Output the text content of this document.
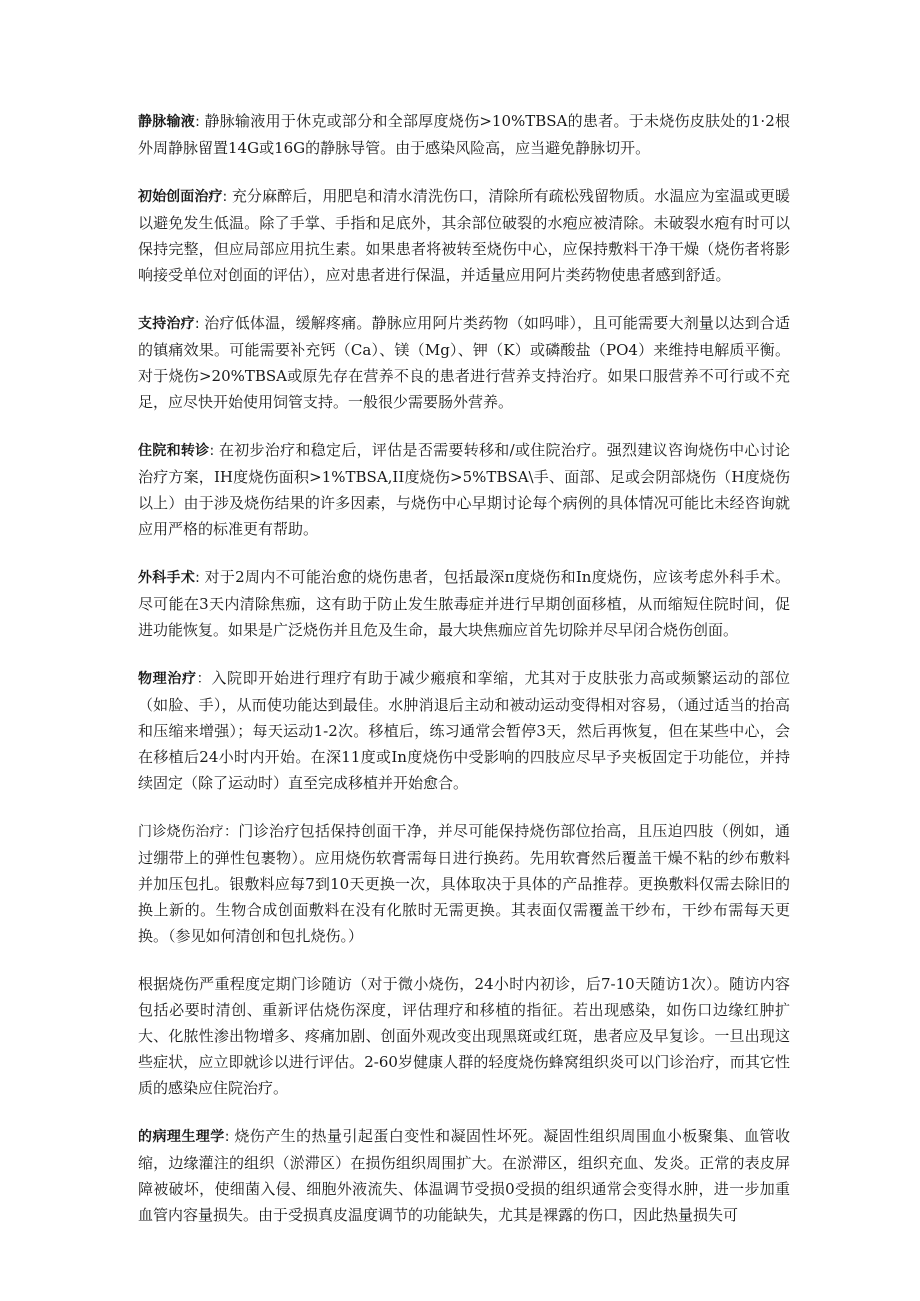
静脉输液: 静脉输液用于休克或部分和全部厚度烧伤>10%TBSA的患者。于未烧伤皮肤处的1·2根外周静脉留置14G或16G的静脉导管。由于感染风险高，应当避免静脉切开。

初始创面治疗: 充分麻醉后，用肥皂和清水清洗伤口，清除所有疏松残留物质。水温应为室温或更暖以避免发生低温。除了手掌、手指和足底外，其余部位破裂的水疱应被清除。未破裂水疱有时可以保持完整，但应局部应用抗生素。如果患者将被转至烧伤中心，应保持敷料干净干燥（烧伤者将影响接受单位对创面的评估），应对患者进行保温，并适量应用阿片类药物使患者感到舒适。

支持治疗: 治疗低体温，缓解疼痛。静脉应用阿片类药物（如吗啡），且可能需要大剂量以达到合适的镇痛效果。可能需要补充钙（Ca）、镁（Mg）、钾（K）或磷酸盐（PO4）来维持电解质平衡。对于烧伤>20%TBSA或原先存在营养不良的患者进行营养支持治疗。如果口服营养不可行或不充足，应尽快开始使用饲管支持。一般很少需要肠外营养。

住院和转诊: 在初步治疗和稳定后，评估是否需要转移和/或住院治疗。强烈建议咨询烧伤中心讨论治疗方案，IH度烧伤面积>1%TBSA,II度烧伤>5%TBSA\手、面部、足或会阴部烧伤（H度烧伤以上）由于涉及烧伤结果的许多因素，与烧伤中心早期讨论每个病例的具体情况可能比未经咨询就应用严格的标准更有帮助。

外科手术: 对于2周内不可能治愈的烧伤患者，包括最深π度烧伤和In度烧伤，应该考虑外科手术。尽可能在3天内清除焦痂，这有助于防止发生脓毒症并进行早期创面移植，从而缩短住院时间，促进功能恢复。如果是广泛烧伤并且危及生命，最大块焦痂应首先切除并尽早闭合烧伤创面。

物理治疗：入院即开始进行理疗有助于减少瘢痕和挛缩，尤其对于皮肤张力高或频繁运动的部位（如脸、手），从而使功能达到最佳。水肿消退后主动和被动运动变得相对容易，（通过适当的抬高和压缩来增强）；每天运动1-2次。移植后，练习通常会暂停3天，然后再恢复，但在某些中心，会在移植后24小时内开始。在深11度或In度烧伤中受影响的四肢应尽早予夹板固定于功能位，并持续固定（除了运动时）直至完成移植并开始愈合。

门诊烧伤治疗：门诊治疗包括保持创面干净，并尽可能保持烧伤部位抬高，且压迫四肢（例如，通过绷带上的弹性包裹物）。应用烧伤软膏需每日进行换药。先用软膏然后覆盖干燥不粘的纱布敷料并加压包扎。银敷料应每7到10天更换一次，具体取决于具体的产品推荐。更换敷料仅需去除旧的换上新的。生物合成创面敷料在没有化脓时无需更换。其表面仅需覆盖干纱布，干纱布需每天更换。（参见如何清创和包扎烧伤。）

根据烧伤严重程度定期门诊随访（对于微小烧伤，24小时内初诊，后7-10天随访1次）。随访内容包括必要时清创、重新评估烧伤深度，评估理疗和移植的指征。若出现感染，如伤口边缘红肿扩大、化脓性渗出物增多、疼痛加剧、创面外观改变出现黑斑或红斑，患者应及早复诊。一旦出现这些症状，应立即就诊以进行评估。2-60岁健康人群的轻度烧伤蜂窝组织炎可以门诊治疗，而其它性质的感染应住院治疗。

的病理生理学: 烧伤产生的热量引起蛋白变性和凝固性坏死。凝固性组织周围血小板聚集、血管收缩，边缘灌注的组织（淤滞区）在损伤组织周围扩大。在淤滞区，组织充血、发炎。正常的表皮屏障被破坏，使细菌入侵、细胞外液流失、体温调节受损0受损的组织通常会变得水肿，进一步加重血管内容量损失。由于受损真皮温度调节的功能缺失，尤其是裸露的伤口，因此热量损失可
